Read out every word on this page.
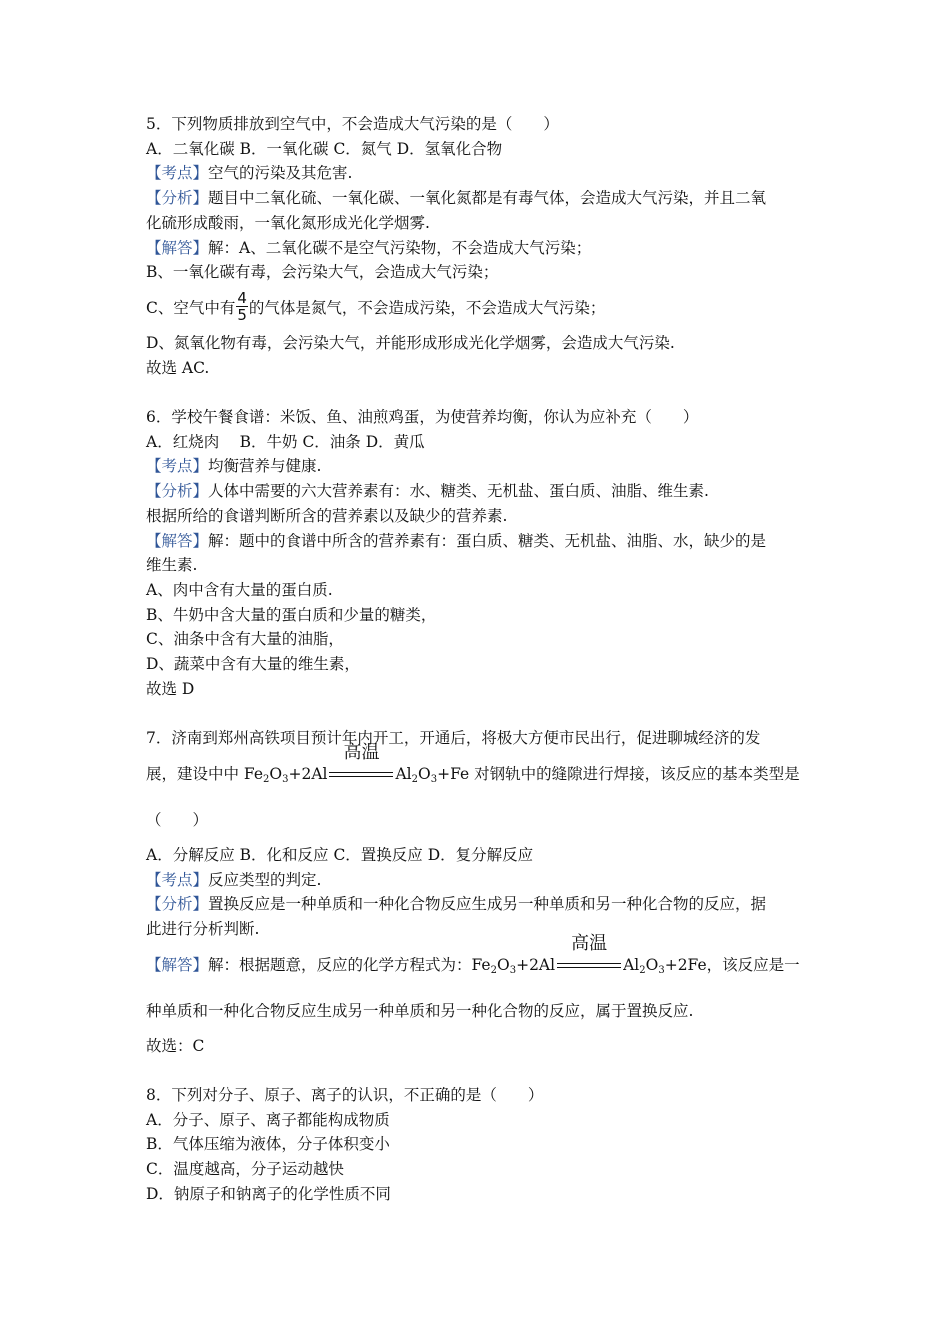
5．下列物质排放到空气中，不会造成大气污染的是（　　）
A．二氧化碳 B．一氧化碳 C．氮气 D．氢氧化合物
【考点】空气的污染及其危害.
【分析】题目中二氧化硫、一氧化碳、一氧化氮都是有毒气体，会造成大气污染，并且二氧
化硫形成酸雨，一氧化氮形成光化学烟雾.
【解答】解：A、二氧化碳不是空气污染物，不会造成大气污染；
B、一氧化碳有毒，会污染大气，会造成大气污染；
C、空气中有 $\frac{4}{5}$ 的气体是氮气，不会造成污染，不会造成大气污染；
D、氮氧化物有毒，会污染大气，并能形成形成光化学烟雾，会造成大气污染.
故选 AC.
6．学校午餐食谱：米饭、鱼、油煎鸡蛋，为使营养均衡，你认为应补充（　　）
A．红烧肉　 B．牛奶 C．油条 D．黄瓜
【考点】均衡营养与健康.
【分析】人体中需要的六大营养素有：水、糖类、无机盐、蛋白质、油脂、维生素.
根据所给的食谱判断所含的营养素以及缺少的营养素.
【解答】解：题中的食谱中所含的营养素有：蛋白质、糖类、无机盐、油脂、水，缺少的是
维生素.
A、肉中含有大量的蛋白质.
B、牛奶中含大量的蛋白质和少量的糖类，
C、油条中含有大量的油脂，
D、蔬菜中含有大量的维生素，
故选 D
7．济南到郑州高铁项目预计年内开工，开通后，将极大方便市民出行，促进聊城经济的发
展，建设中中 $Fe_2O_3+2Al$
高温
$Al_2O_3+Fe$ 对钢轨中的缝隙进行焊接，该反应的基本类型是
（　　）
A．分解反应 B．化和反应 C．置换反应 D．复分解反应
【考点】反应类型的判定.
【分析】置换反应是一种单质和一种化合物反应生成另一种单质和另一种化合物的反应，据
此进行分析判断.
【解答】解：根据题意，反应的化学方程式为：$Fe_2O_3+2Al$
高温
$Al_2O_3+2Fe$，该反应是一
种单质和一种化合物反应生成另一种单质和另一种化合物的反应，属于置换反应.
故选：C
8．下列对分子、原子、离子的认识，不正确的是（　　）
A．分子、原子、离子都能构成物质
B．气体压缩为液体，分子体积变小
C．温度越高，分子运动越快
D．钠原子和钠离子的化学性质不同
